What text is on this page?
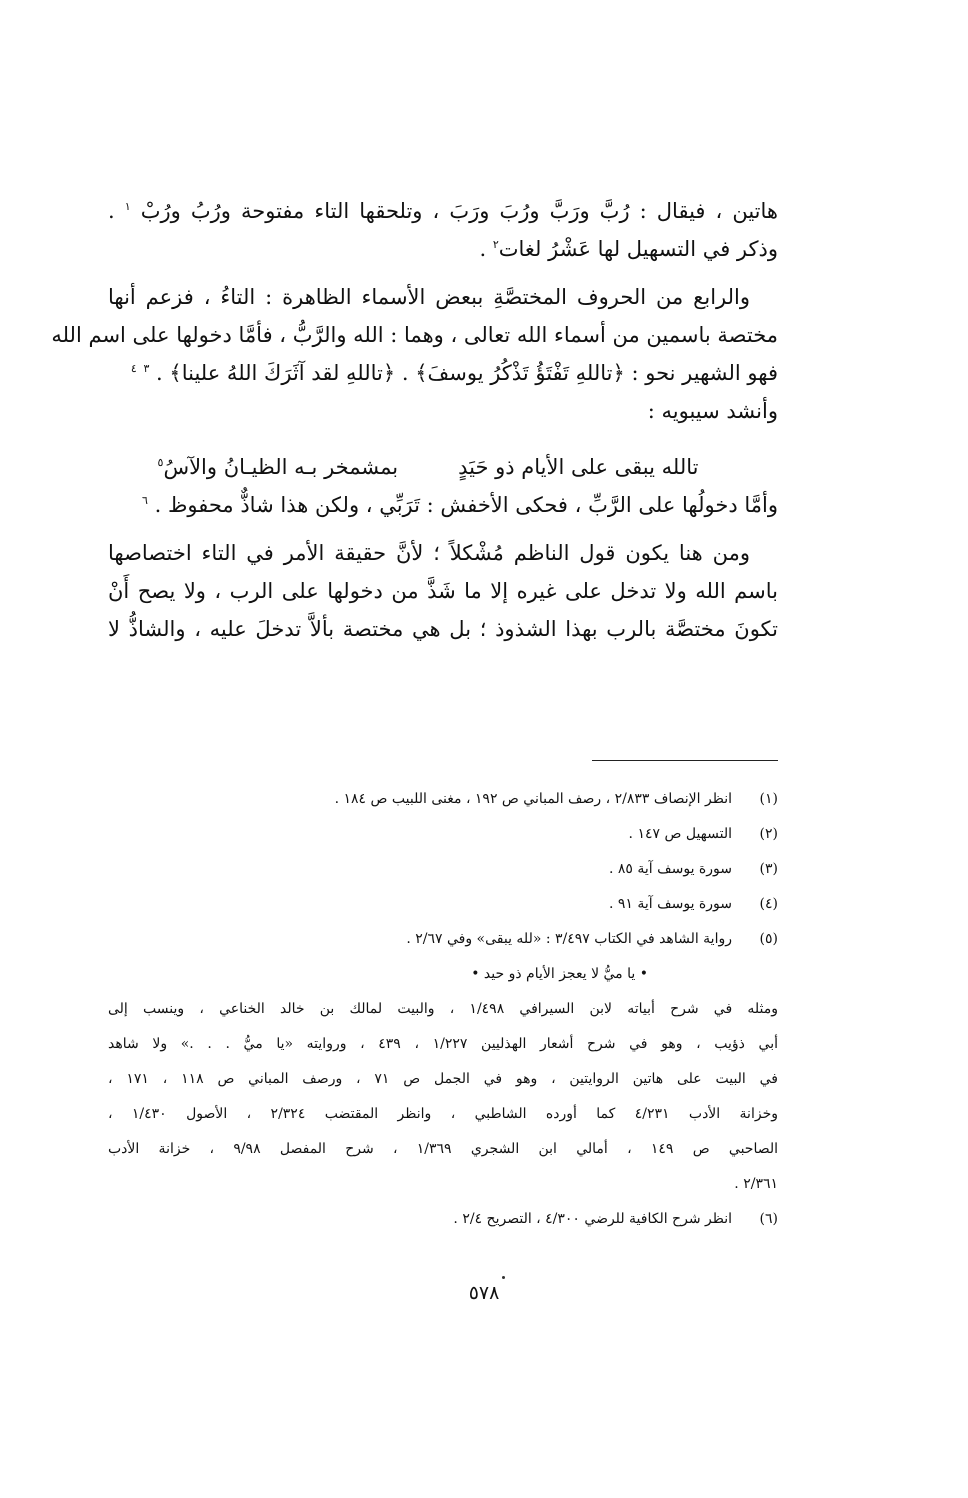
هاتين ، فيقال : رُبَّ ورَبَّ ورُبَ ورَبَ ، وتلحقها التاء مفتوحة ورُبُ ورُبْ $^١$ .
وذكر في التسهيل لها عَشْرُ لغات$^٢$ .
والرابع من الحروف المختصَّةِ ببعض الأسماء الظاهرة : التاءُ ، فزعم أنها
مختصة باسمين من أسماء الله تعالى ، وهما : الله والرَّبُّ ، فأمَّا دخولها على اسم الله
فهو الشهير نحو : ﴿تاللهِ تَفْتَؤُ تَذْكُرُ يوسفَ﴾ . ﴿تاللهِ لقد آثَرَكَ اللهُ علينا﴾ . $^٣$ $^٤$
وأنشد سيبويه :
تالله يبقى على الأيام ذو حَيَدٍ
بمشمخر بـه الظيـانُ والآسُ$^٥$
وأمَّا دخولُها على الرَّبِّ ، فحكى الأخفش : تَرَبِّي ، ولكن هذا شاذٌّ محفوظ . $^٦$
ومن هنا يكون قول الناظم مُشْكلاً ؛ لأنَّ حقيقة الأمر في التاء اختصاصها
باسم الله ولا تدخل على غيره إلا ما شَذَّ من دخولها على الرب ، ولا يصح أَنْ
تكونَ مختصَّة بالرب بهذا الشذوذ ؛ بل هي مختصة بألاَّ تدخلَ عليه ، والشاذُّ لا
(١)
انظر الإنصاف ٢/٨٣٣ ، رصف المباني ص ١٩٢ ، مغنى اللبيب ص ١٨٤ .
(٢)
التسهيل ص ١٤٧ .
(٣)
سورة يوسف آية ٨٥ .
(٤)
سورة يوسف آية ٩١ .
(٥)
رواية الشاهد في الكتاب ٣/٤٩٧ : «لله يبقى» وفي ٢/٦٧ .
• يا ميُّ لا يعجز الأيام ذو حيد •
ومثله في شرح أبياته لابن السيرافي ١/٤٩٨ ، والبيت لمالك بن خالد الخناعي ، وينسب إلى
أبي ذؤيب ، وهو في شرح أشعار الهذليين ١/٢٢٧ ، ٤٣٩ ، وروايته «يا ميُّ . . .» ولا شاهد
في البيت على هاتين الروايتين ، وهو في الجمل ص ٧١ ، ورصف المباني ص ١١٨ ، ١٧١ ،
وخزانة الأدب ٤/٢٣١ كما أورده الشاطبي ، وانظر المقتضب ٢/٣٢٤ ، الأصول ١/٤٣٠ ،
الصاحبي ص ١٤٩ ، أمالي ابن الشجري ١/٣٦٩ ، شرح المفصل ٩/٩٨ ، خزانة الأدب
٢/٣٦١ .
(٦)
انظر شرح الكافية للرضي ٤/٣٠٠ ، التصريح ٢/٤ .
٥٧٨
